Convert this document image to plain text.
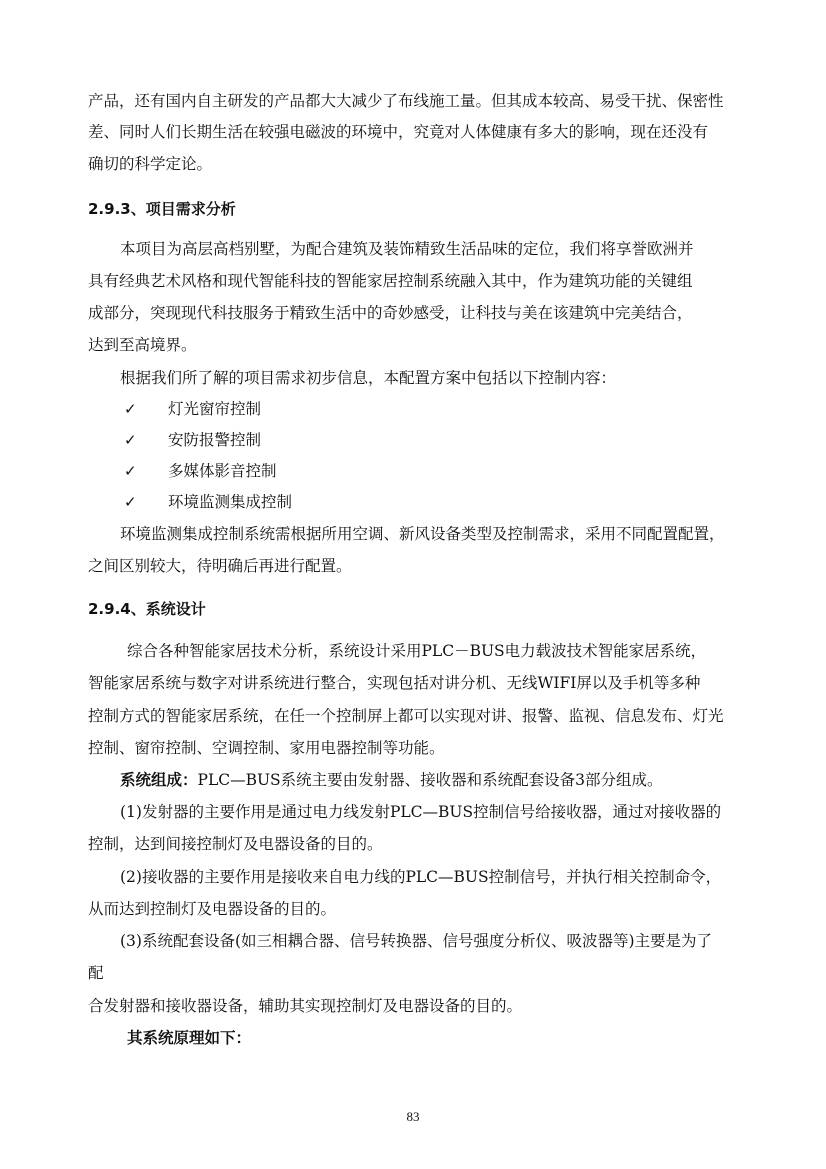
产品，还有国内自主研发的产品都大大减少了布线施工量。但其成本较高、易受干扰、保密性
差、同时人们长期生活在较强电磁波的环境中，究竟对人体健康有多大的影响，现在还没有
确切的科学定论。
2.9.3、项目需求分析
本项目为高层高档别墅，为配合建筑及装饰精致生活品味的定位，我们将享誉欧洲并
具有经典艺术风格和现代智能科技的智能家居控制系统融入其中，作为建筑功能的关键组
成部分，突现现代科技服务于精致生活中的奇妙感受，让科技与美在该建筑中完美结合，
达到至高境界。
根据我们所了解的项目需求初步信息，本配置方案中包括以下控制内容：
✓ 灯光窗帘控制
✓ 安防报警控制
✓ 多媒体影音控制
✓ 环境监测集成控制
环境监测集成控制系统需根据所用空调、新风设备类型及控制需求，采用不同配置配置，
之间区别较大，待明确后再进行配置。
2.9.4、系统设计
综合各种智能家居技术分析，系统设计采用PLC－BUS电力载波技术智能家居系统，
智能家居系统与数字对讲系统进行整合，实现包括对讲分机、无线WIFI屏以及手机等多种
控制方式的智能家居系统，在任一个控制屏上都可以实现对讲、报警、监视、信息发布、灯光
控制、窗帘控制、空调控制、家用电器控制等功能。
系统组成：PLC—BUS系统主要由发射器、接收器和系统配套设备3部分组成。
(1)发射器的主要作用是通过电力线发射PLC—BUS控制信号给接收器，通过对接收器的
控制，达到间接控制灯及电器设备的目的。
(2)接收器的主要作用是接收来自电力线的PLC—BUS控制信号，并执行相关控制命令，
从而达到控制灯及电器设备的目的。
(3)系统配套设备(如三相耦合器、信号转换器、信号强度分析仪、吸波器等)主要是为了
配
合发射器和接收器设备，辅助其实现控制灯及电器设备的目的。
其系统原理如下：
83
